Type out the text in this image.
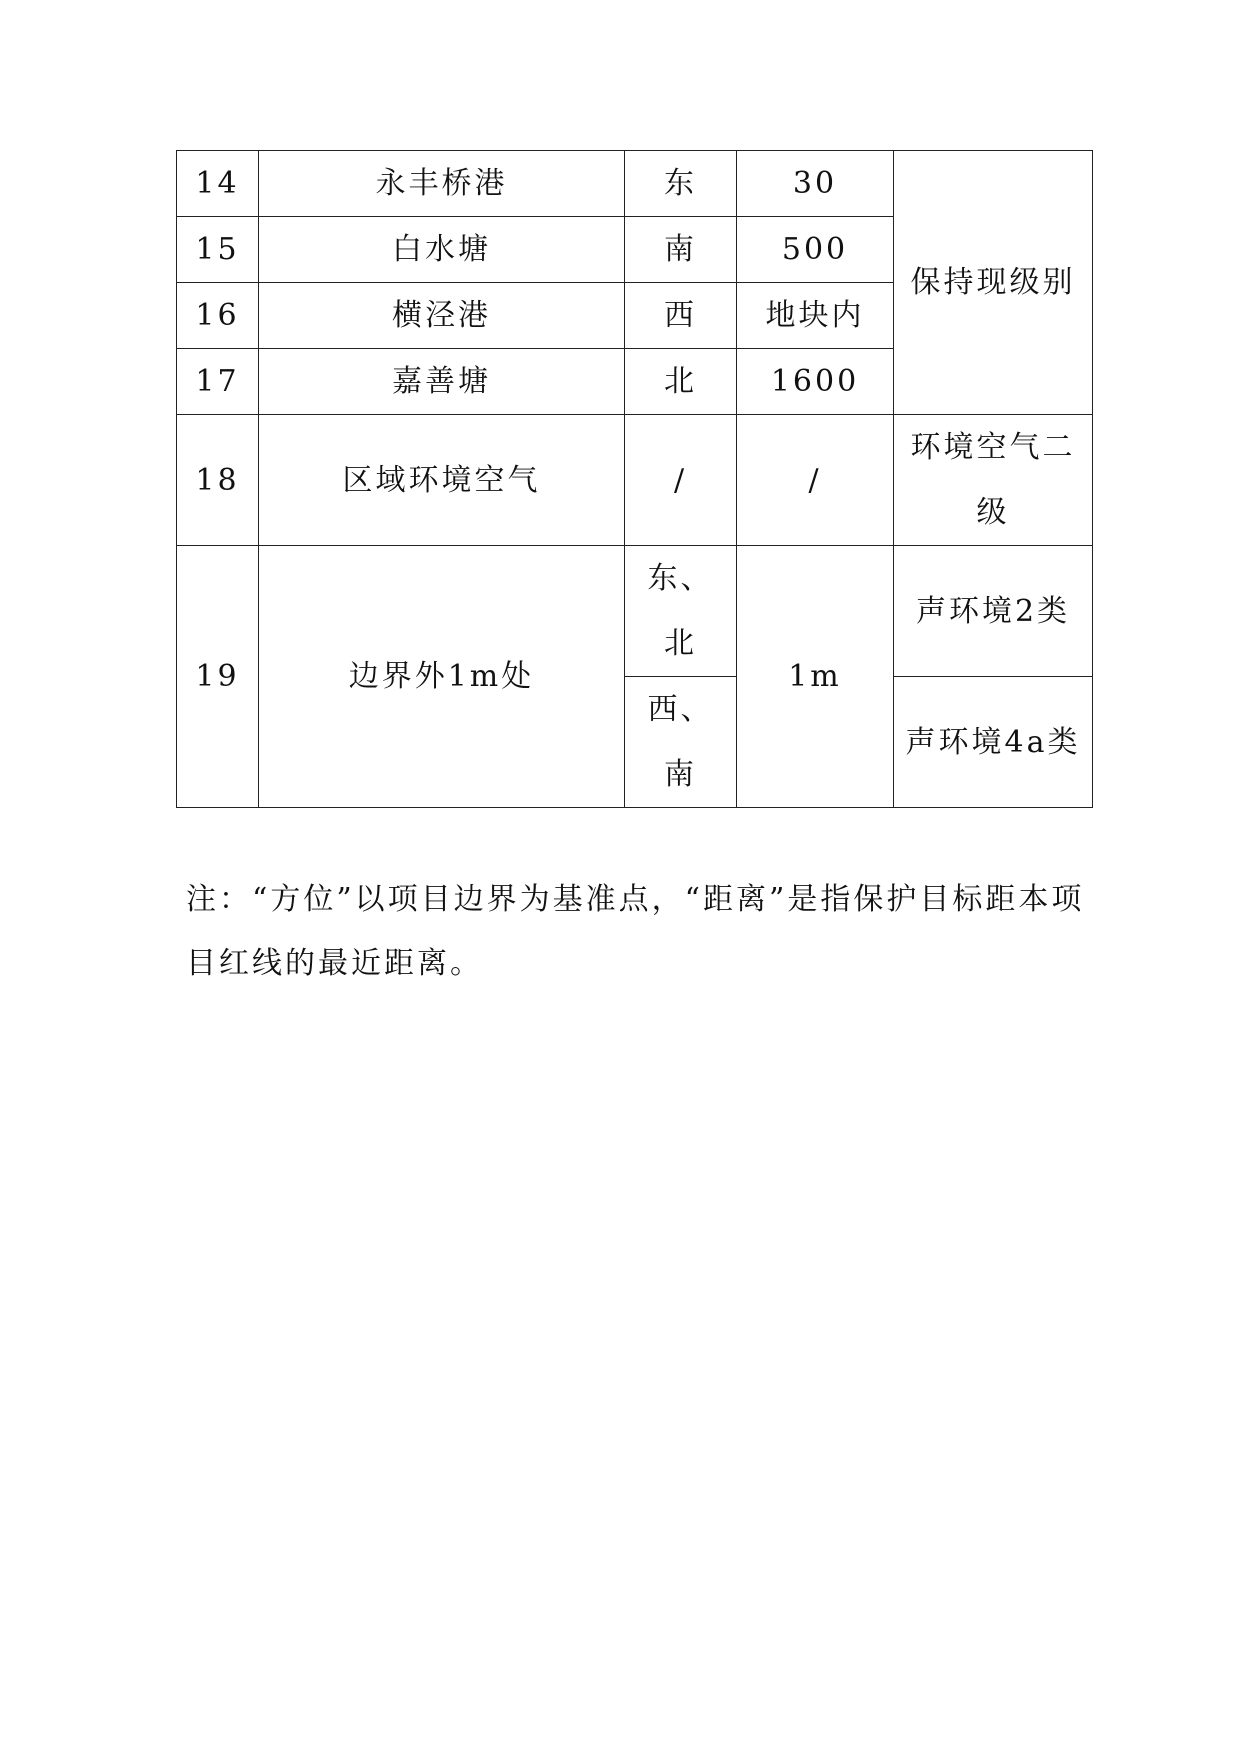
14	永丰桥港	东	30	保持现级别
15	白水塘	南	500	
16	横泾港	西	地块内	
17	嘉善塘	北	1600	
18	区域环境空气	/	/	环境空气二级
19	边界外1m处	东、北	1m	声环境2类
		西、南		声环境4a类

注：“方位”以项目边界为基准点，“距离”是指保护目标距本项目红线的最近距离。
